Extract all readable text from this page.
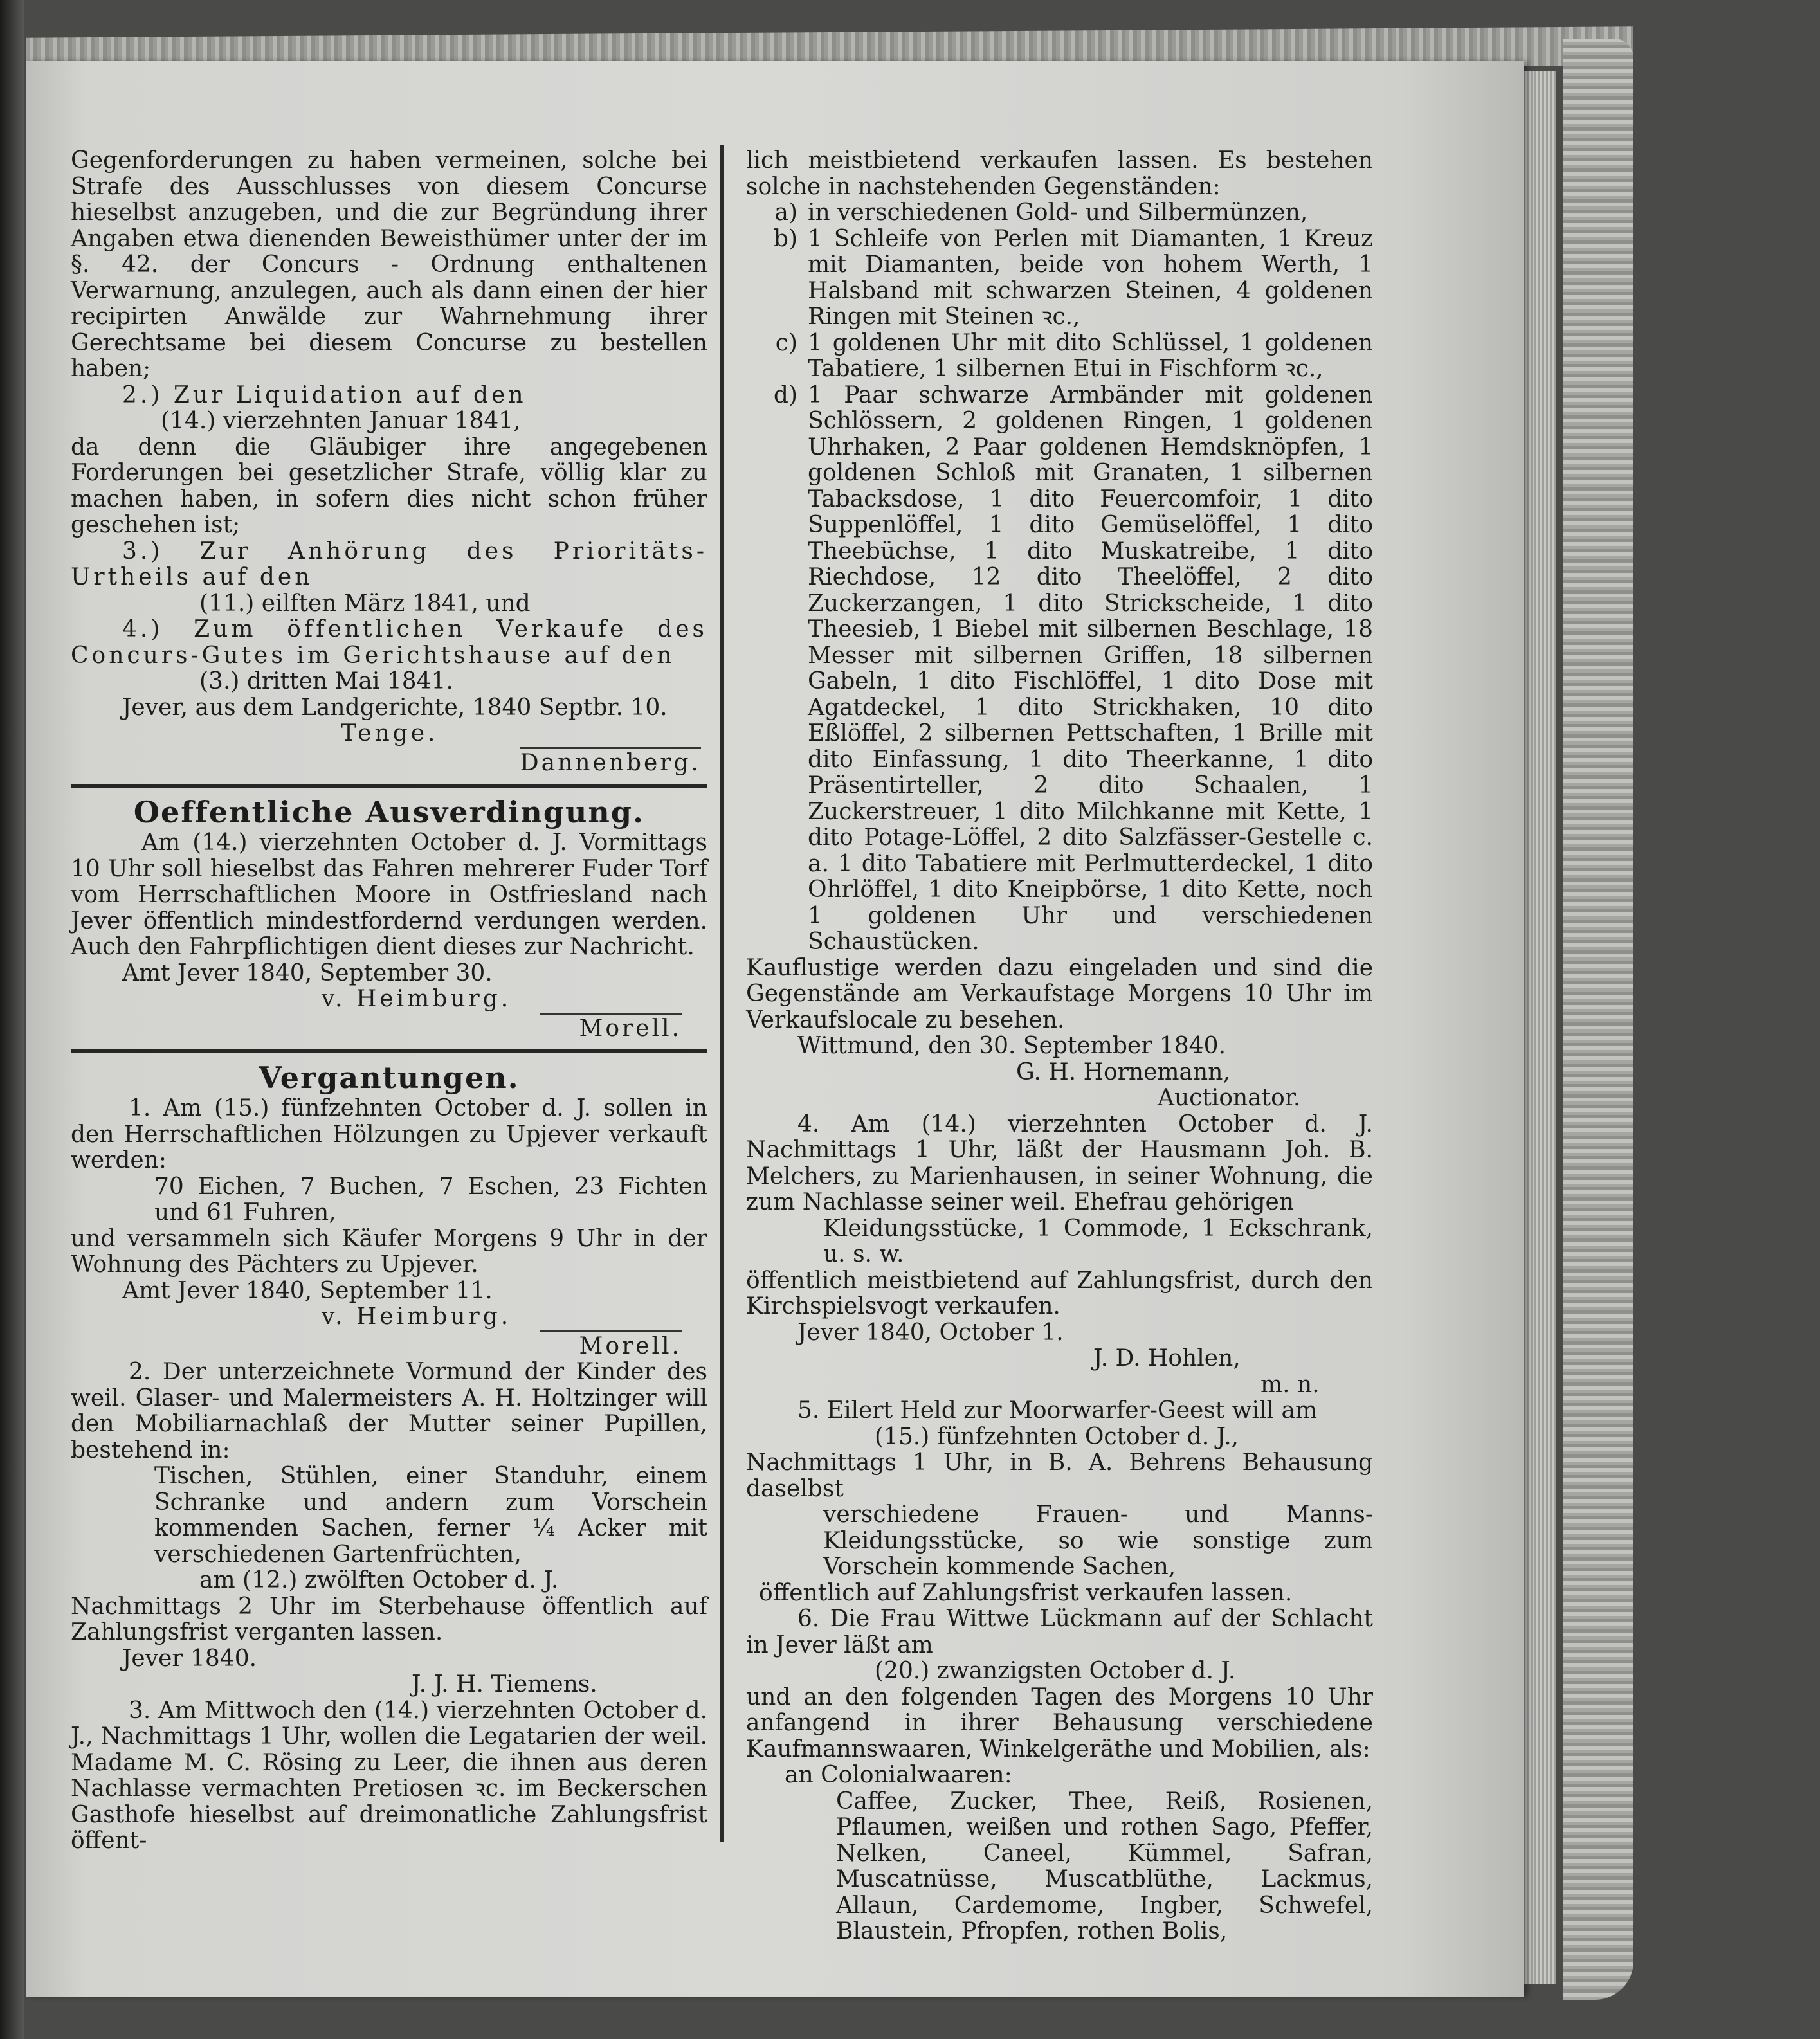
Gegenforderungen zu haben vermeinen, solche bei Strafe des Ausschlusses von diesem Concurse hieselbst anzugeben, und die zur Begründung ihrer Angaben etwa dienenden Beweisthümer unter der im §. 42. der Concurs - Ordnung enthaltenen Verwarnung, anzulegen, auch als dann einen der hier recipirten Anwälde zur Wahrnehmung ihrer Gerechtsame bei diesem Concurse zu bestellen haben;

2.) Zur Liquidation auf den

(14.) vierzehnten Januar 1841,

da denn die Gläubiger ihre angegebenen Forderungen bei gesetzlicher Strafe, völlig klar zu machen haben, in sofern dies nicht schon früher geschehen ist;

3.) Zur Anhörung des Prioritäts-Urtheils auf den

(11.) eilften März 1841, und

4.) Zum öffentlichen Verkaufe des Concurs-Gutes im Gerichtshause auf den

(3.) dritten Mai 1841.

Jever, aus dem Landgerichte, 1840 Septbr. 10.

Tenge.

Dannenberg.

Oeffentliche Ausverdingung.

Am (14.) vierzehnten October d. J. Vormittags 10 Uhr soll hieselbst das Fahren mehrerer Fuder Torf vom Herrschaftlichen Moore in Ostfriesland nach Jever öffentlich mindestfordernd verdungen werden. Auch den Fahrpflichtigen dient dieses zur Nachricht.

Amt Jever 1840, September 30.

v. Heimburg.

Morell.

Vergantungen.

1. Am (15.) fünfzehnten October d. J. sollen in den Herrschaftlichen Hölzungen zu Upjever verkauft werden:

70 Eichen, 7 Buchen, 7 Eschen, 23 Fichten und 61 Fuhren,

und versammeln sich Käufer Morgens 9 Uhr in der Wohnung des Pächters zu Upjever.

Amt Jever 1840, September 11.

v. Heimburg.

Morell.

2. Der unterzeichnete Vormund der Kinder des weil. Glaser- und Malermeisters A. H. Holtzinger will den Mobiliarnachlaß der Mutter seiner Pupillen, bestehend in:

Tischen, Stühlen, einer Standuhr, einem Schranke und andern zum Vorschein kommenden Sachen, ferner ¼ Acker mit verschiedenen Gartenfrüchten,

am (12.) zwölften October d. J.

Nachmittags 2 Uhr im Sterbehause öffentlich auf Zahlungsfrist verganten lassen.

Jever 1840.

J. J. H. Tiemens.

3. Am Mittwoch den (14.) vierzehnten October d. J., Nachmittags 1 Uhr, wollen die Legatarien der weil. Madame M. C. Rösing zu Leer, die ihnen aus deren Nachlasse vermachten Pretiosen ꝛc. im Beckerschen Gasthofe hieselbst auf dreimonatliche Zahlungsfrist öffent-

lich meistbietend verkaufen lassen. Es bestehen solche in nachstehenden Gegenständen:

a) in verschiedenen Gold- und Silbermünzen,
b) 1 Schleife von Perlen mit Diamanten, 1 Kreuz mit Diamanten, beide von hohem Werth, 1 Halsband mit schwarzen Steinen, 4 goldenen Ringen mit Steinen ꝛc.,
c) 1 goldenen Uhr mit dito Schlüssel, 1 goldenen Tabatiere, 1 silbernen Etui in Fischform ꝛc.,
d) 1 Paar schwarze Armbänder mit goldenen Schlössern, 2 goldenen Ringen, 1 goldenen Uhrhaken, 2 Paar goldenen Hemdsknöpfen, 1 goldenen Schloß mit Granaten, 1 silbernen Tabacksdose, 1 dito Feuercomfoir, 1 dito Suppenlöffel, 1 dito Gemüselöffel, 1 dito Theebüchse, 1 dito Muskatreibe, 1 dito Riechdose, 12 dito Theelöffel, 2 dito Zuckerzangen, 1 dito Strickscheide, 1 dito Theesieb, 1 Biebel mit silbernen Beschlage, 18 Messer mit silbernen Griffen, 18 silbernen Gabeln, 1 dito Fischlöffel, 1 dito Dose mit Agatdeckel, 1 dito Strickhaken, 10 dito Eßlöffel, 2 silbernen Pettschaften, 1 Brille mit dito Einfassung, 1 dito Theerkanne, 1 dito Präsentirteller, 2 dito Schaalen, 1 Zuckerstreuer, 1 dito Milchkanne mit Kette, 1 dito Potage-Löffel, 2 dito Salzfässer-Gestelle c. a. 1 dito Tabatiere mit Perlmutterdeckel, 1 dito Ohrlöffel, 1 dito Kneipbörse, 1 dito Kette, noch 1 goldenen Uhr und verschiedenen Schaustücken.

Kauflustige werden dazu eingeladen und sind die Gegenstände am Verkaufstage Morgens 10 Uhr im Verkaufslocale zu besehen.

Wittmund, den 30. September 1840.

G. H. Hornemann,

Auctionator.

4. Am (14.) vierzehnten October d. J. Nachmittags 1 Uhr, läßt der Hausmann Joh. B. Melchers, zu Marienhausen, in seiner Wohnung, die zum Nachlasse seiner weil. Ehefrau gehörigen

Kleidungsstücke, 1 Commode, 1 Eckschrank, u. s. w.

öffentlich meistbietend auf Zahlungsfrist, durch den Kirchspielsvogt verkaufen.

Jever 1840, October 1.

J. D. Hohlen,

m. n.

5. Eilert Held zur Moorwarfer-Geest will am

(15.) fünfzehnten October d. J.,

Nachmittags 1 Uhr, in B. A. Behrens Behausung daselbst

verschiedene Frauen- und Manns-Kleidungsstücke, so wie sonstige zum Vorschein kommende Sachen,

öffentlich auf Zahlungsfrist verkaufen lassen.

6. Die Frau Wittwe Lückmann auf der Schlacht in Jever läßt am

(20.) zwanzigsten October d. J.

und an den folgenden Tagen des Morgens 10 Uhr anfangend in ihrer Behausung verschiedene Kaufmannswaaren, Winkelgeräthe und Mobilien, als:

an Colonialwaaren:

Caffee, Zucker, Thee, Reiß, Rosienen, Pflaumen, weißen und rothen Sago, Pfeffer, Nelken, Caneel, Kümmel, Safran, Muscatnüsse, Muscatblüthe, Lackmus, Allaun, Cardemome, Ingber, Schwefel, Blaustein, Pfropfen, rothen Bolis,
